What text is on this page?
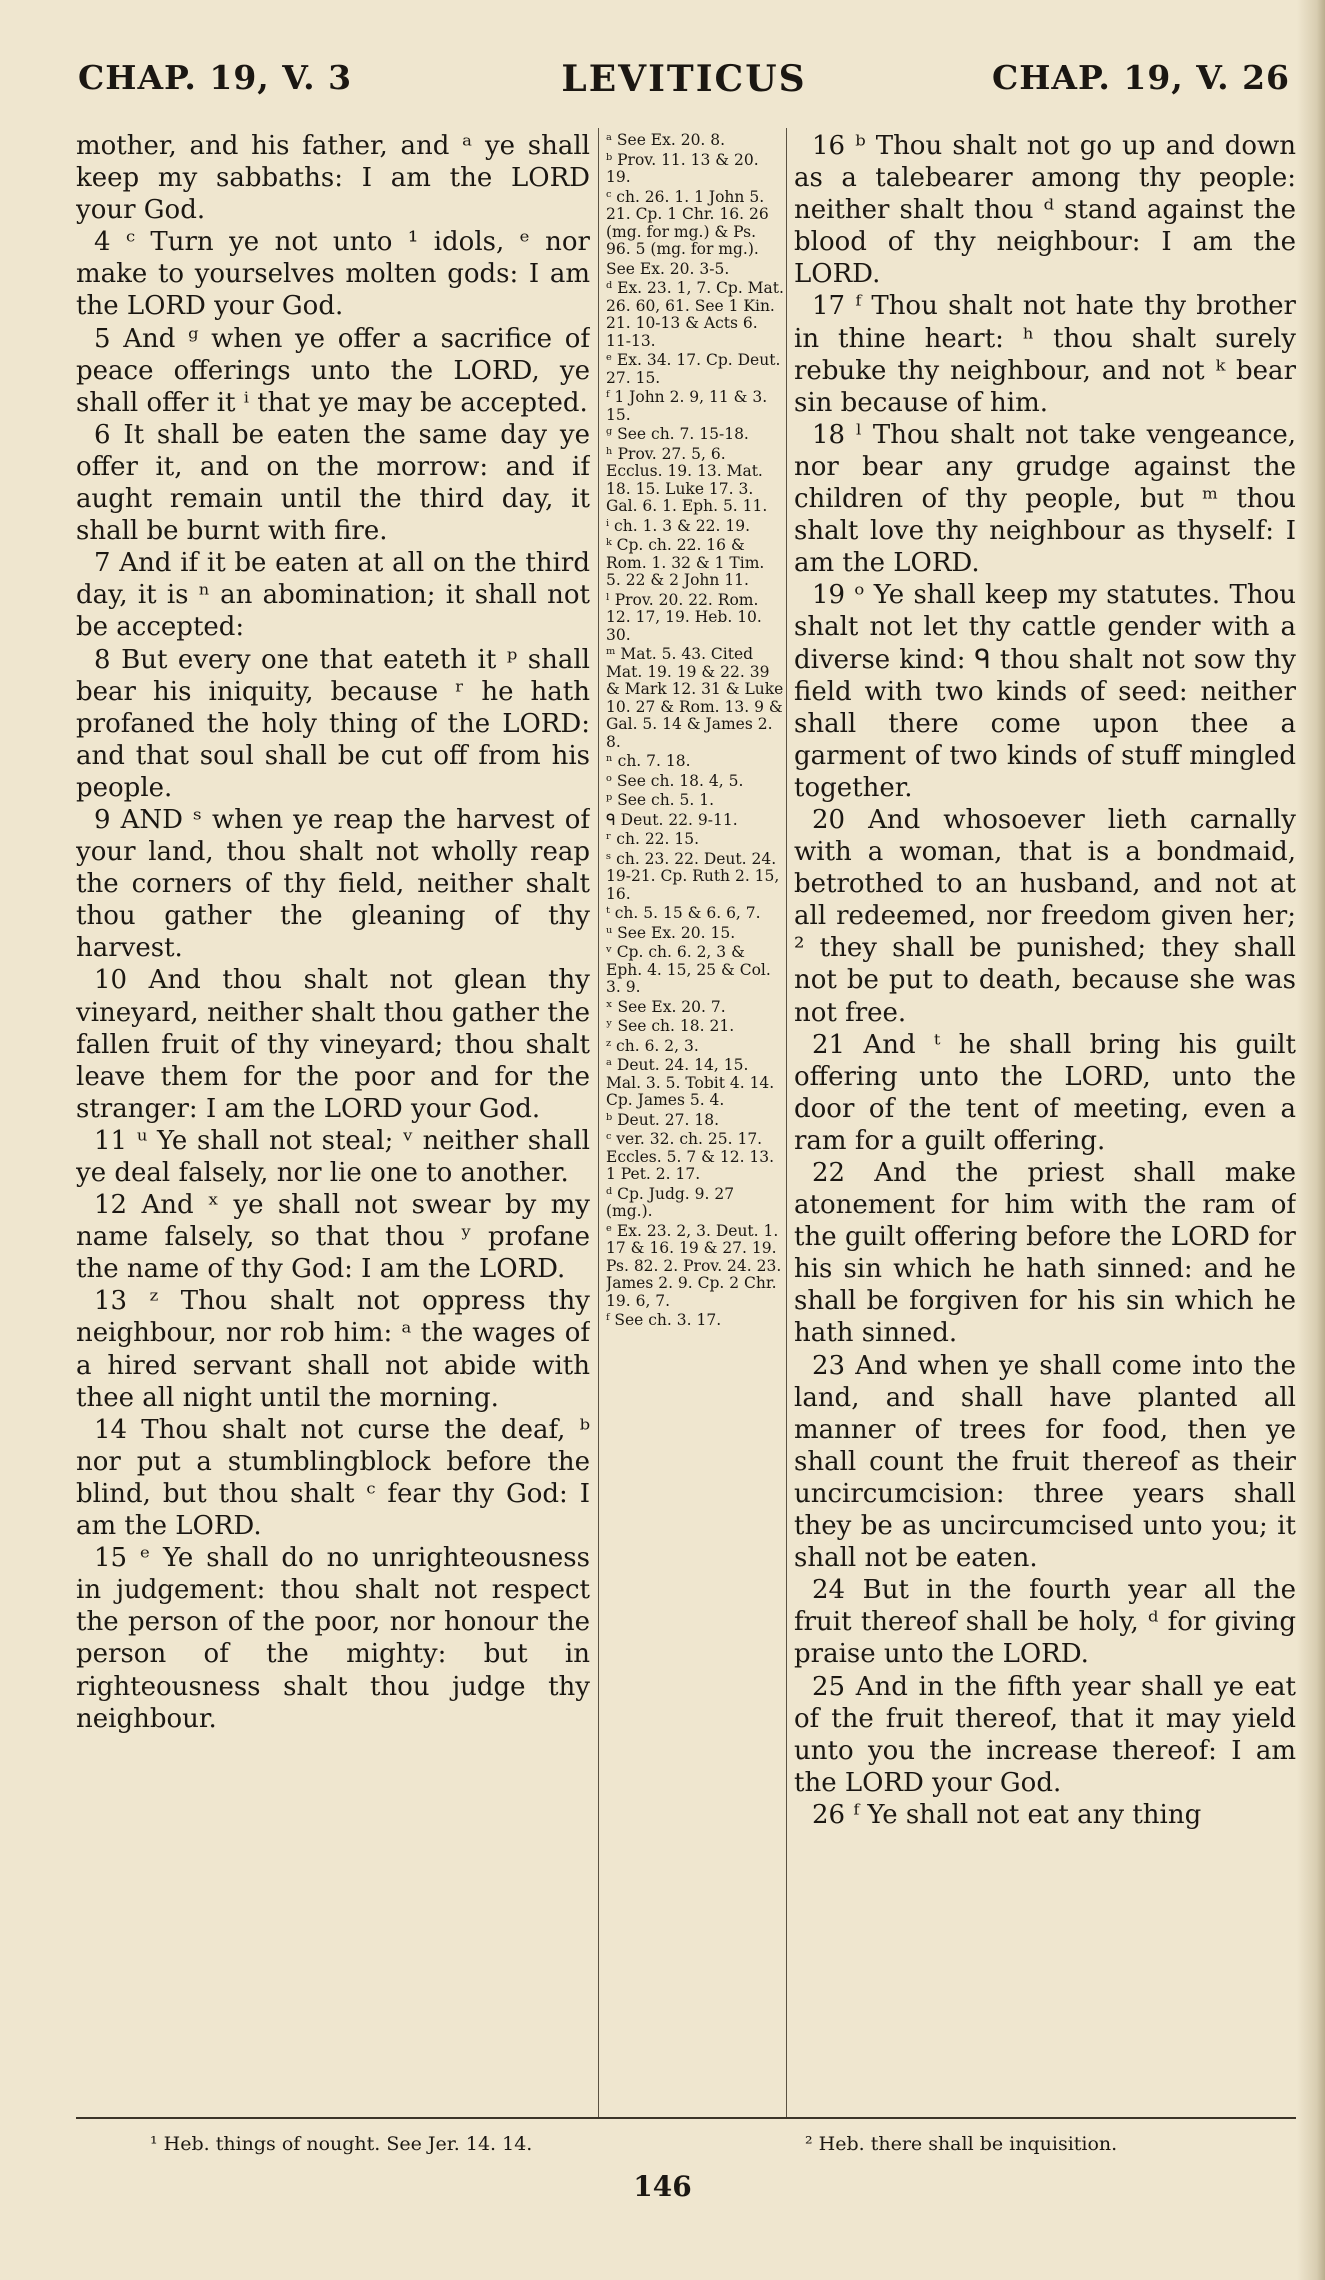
CHAP. 19, V. 3	LEVITICUS	CHAP. 19, V. 26

mother, and his father, and ᵃ ye shall keep my sabbaths: I am the LORD your God.

4 ᶜ Turn ye not unto ¹ idols, ᵉ nor make to yourselves molten gods: I am the LORD your God.

5 And ᵍ when ye offer a sacrifice of peace offerings unto the LORD, ye shall offer it ⁱ that ye may be accepted.

6 It shall be eaten the same day ye offer it, and on the morrow: and if aught remain until the third day, it shall be burnt with fire.

7 And if it be eaten at all on the third day, it is ⁿ an abomination; it shall not be accepted:

8 But every one that eateth it ᵖ shall bear his iniquity, because ʳ he hath profaned the holy thing of the LORD: and that soul shall be cut off from his people.

9 AND ˢ when ye reap the harvest of your land, thou shalt not wholly reap the corners of thy field, neither shalt thou gather the gleaning of thy harvest.

10 And thou shalt not glean thy vineyard, neither shalt thou gather the fallen fruit of thy vineyard; thou shalt leave them for the poor and for the stranger: I am the LORD your God.

11 ᵘ Ye shall not steal; ᵛ neither shall ye deal falsely, nor lie one to another.

12 And ˣ ye shall not swear by my name falsely, so that thou ʸ profane the name of thy God: I am the LORD.

13 ᶻ Thou shalt not oppress thy neighbour, nor rob him: ᵃ the wages of a hired servant shall not abide with thee all night until the morning.

14 Thou shalt not curse the deaf, ᵇ nor put a stumblingblock before the blind, but thou shalt ᶜ fear thy God: I am the LORD.

15 ᵉ Ye shall do no unrighteousness in judgement: thou shalt not respect the person of the poor, nor honour the person of the mighty: but in righteousness shalt thou judge thy neighbour.

ᵃ See Ex. 20. 8.
ᵇ Prov. 11. 13 & 20. 19.
ᶜ ch. 26. 1. 1 John 5. 21. Cp. 1 Chr. 16. 26 (mg. for mg.) & Ps. 96. 5 (mg. for mg.).
See Ex. 20. 3-5.
ᵈ Ex. 23. 1, 7. Cp. Mat. 26. 60, 61. See 1 Kin. 21. 10-13 & Acts 6. 11-13.
ᵉ Ex. 34. 17. Cp. Deut. 27. 15.
ᶠ 1 John 2. 9, 11 & 3. 15.
ᵍ See ch. 7. 15-18.
ʰ Prov. 27. 5, 6. Ecclus. 19. 13. Mat. 18. 15. Luke 17. 3. Gal. 6. 1. Eph. 5. 11.
ⁱ ch. 1. 3 & 22. 19.
ᵏ Cp. ch. 22. 16 & Rom. 1. 32 & 1 Tim. 5. 22 & 2 John 11.
ˡ Prov. 20. 22. Rom. 12. 17, 19. Heb. 10. 30.
ᵐ Mat. 5. 43. Cited Mat. 19. 19 & 22. 39 & Mark 12. 31 & Luke 10. 27 & Rom. 13. 9 & Gal. 5. 14 & James 2. 8.
ⁿ ch. 7. 18.
ᵒ See ch. 18. 4, 5.
ᵖ See ch. 5. 1.
ᑫ Deut. 22. 9-11.
ʳ ch. 22. 15.
ˢ ch. 23. 22. Deut. 24. 19-21. Cp. Ruth 2. 15, 16.
ᵗ ch. 5. 15 & 6. 6, 7.
ᵘ See Ex. 20. 15.
ᵛ Cp. ch. 6. 2, 3 & Eph. 4. 15, 25 & Col. 3. 9.
ˣ See Ex. 20. 7.
ʸ See ch. 18. 21.
ᶻ ch. 6. 2, 3.
ᵃ Deut. 24. 14, 15. Mal. 3. 5. Tobit 4. 14. Cp. James 5. 4.
ᵇ Deut. 27. 18.
ᶜ ver. 32. ch. 25. 17. Eccles. 5. 7 & 12. 13. 1 Pet. 2. 17.
ᵈ Cp. Judg. 9. 27 (mg.).
ᵉ Ex. 23. 2, 3. Deut. 1. 17 & 16. 19 & 27. 19. Ps. 82. 2. Prov. 24. 23. James 2. 9. Cp. 2 Chr. 19. 6, 7.
ᶠ See ch. 3. 17.

16 ᵇ Thou shalt not go up and down as a talebearer among thy people: neither shalt thou ᵈ stand against the blood of thy neighbour: I am the LORD.

17 ᶠ Thou shalt not hate thy brother in thine heart: ʰ thou shalt surely rebuke thy neighbour, and not ᵏ bear sin because of him.

18 ˡ Thou shalt not take vengeance, nor bear any grudge against the children of thy people, but ᵐ thou shalt love thy neighbour as thyself: I am the LORD.

19 ᵒ Ye shall keep my statutes. Thou shalt not let thy cattle gender with a diverse kind: ᑫ thou shalt not sow thy field with two kinds of seed: neither shall there come upon thee a garment of two kinds of stuff mingled together.

20 And whosoever lieth carnally with a woman, that is a bondmaid, betrothed to an husband, and not at all redeemed, nor freedom given her; ² they shall be punished; they shall not be put to death, because she was not free.

21 And ᵗ he shall bring his guilt offering unto the LORD, unto the door of the tent of meeting, even a ram for a guilt offering.

22 And the priest shall make atonement for him with the ram of the guilt offering before the LORD for his sin which he hath sinned: and he shall be forgiven for his sin which he hath sinned.

23 And when ye shall come into the land, and shall have planted all manner of trees for food, then ye shall count the fruit thereof as their uncircumcision: three years shall they be as uncircumcised unto you; it shall not be eaten.

24 But in the fourth year all the fruit thereof shall be holy, ᵈ for giving praise unto the LORD.

25 And in the fifth year shall ye eat of the fruit thereof, that it may yield unto you the increase thereof: I am the LORD your God.

26 ᶠ Ye shall not eat any thing

¹ Heb. things of nought. See Jer. 14. 14.	² Heb. there shall be inquisition.
146
